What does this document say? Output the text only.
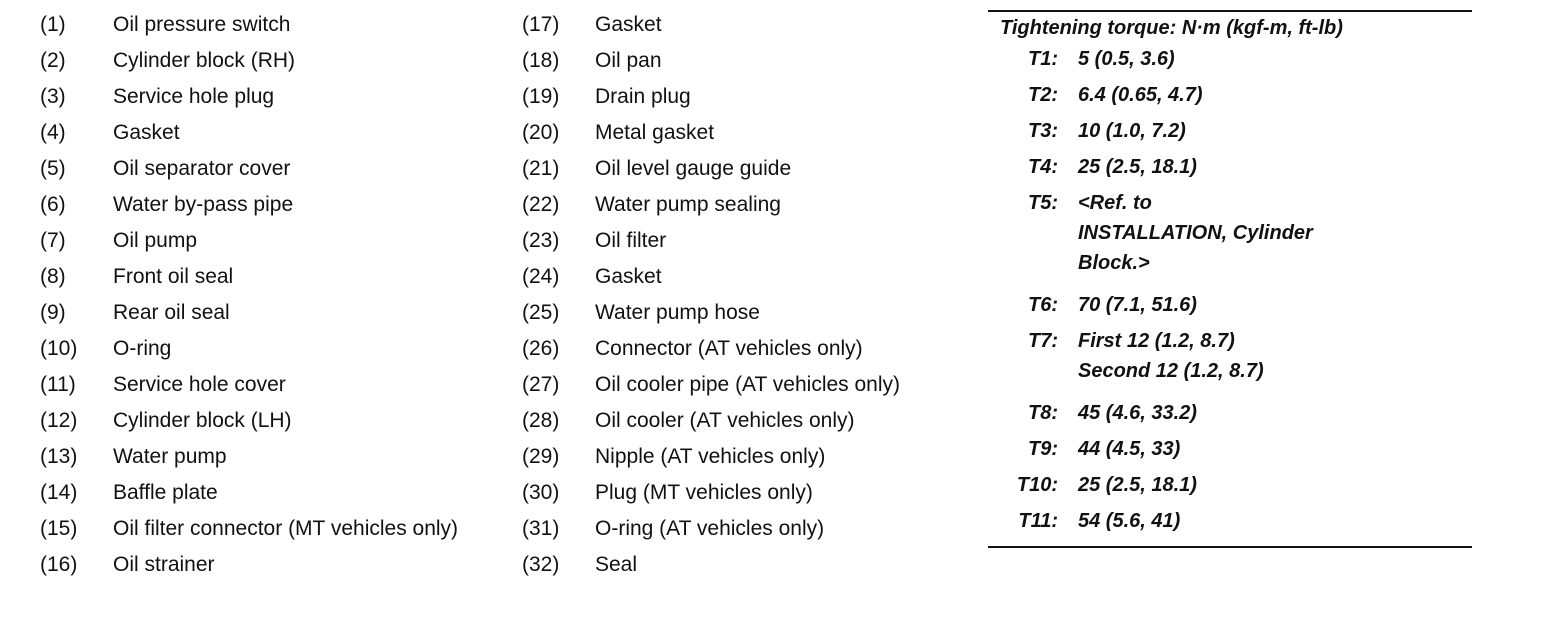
(1)	Oil pressure switch
(2)	Cylinder block (RH)
(3)	Service hole plug
(4)	Gasket
(5)	Oil separator cover
(6)	Water by-pass pipe
(7)	Oil pump
(8)	Front oil seal
(9)	Rear oil seal
(10)	O-ring
(11)	Service hole cover
(12)	Cylinder block (LH)
(13)	Water pump
(14)	Baffle plate
(15)	Oil filter connector (MT vehicles only)
(16)	Oil strainer
(17)	Gasket
(18)	Oil pan
(19)	Drain plug
(20)	Metal gasket
(21)	Oil level gauge guide
(22)	Water pump sealing
(23)	Oil filter
(24)	Gasket
(25)	Water pump hose
(26)	Connector (AT vehicles only)
(27)	Oil cooler pipe (AT vehicles only)
(28)	Oil cooler (AT vehicles only)
(29)	Nipple (AT vehicles only)
(30)	Plug (MT vehicles only)
(31)	O-ring (AT vehicles only)
(32)	Seal
Tightening torque: N·m (kgf-m, ft-lb)
T1:	5 (0.5, 3.6)
T2:	6.4 (0.65, 4.7)
T3:	10 (1.0, 7.2)
T4:	25 (2.5, 18.1)
T5:	<Ref. to
INSTALLATION, Cylinder
Block.>
T6:	70 (7.1, 51.6)
T7:	First 12 (1.2, 8.7)
Second 12 (1.2, 8.7)
T8:	45 (4.6, 33.2)
T9:	44 (4.5, 33)
T10:	25 (2.5, 18.1)
T11:	54 (5.6, 41)
